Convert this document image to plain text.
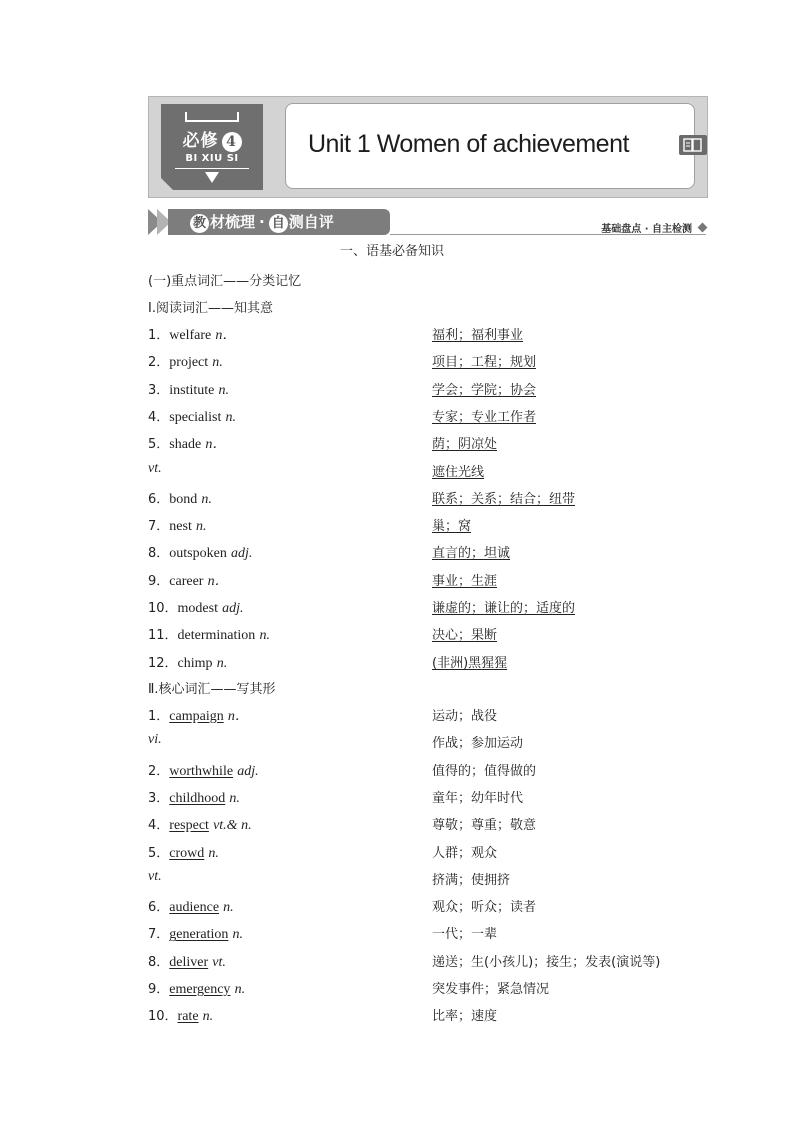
必修 4
BI XIU SI
Unit 1 Women of achievement
教 材梳理 · 自 测自评	基础盘点 · 自主检测
一、语基必备知识
(一)重点词汇——分类记忆
Ⅰ.阅读词汇——知其意
1．welfare n．	福利；福利事业
2．project n.	项目；工程；规划
3．institute n.	学会；学院；协会
4．specialist n.	专家；专业工作者
5．shade n．	荫；阴凉处
vt.	遮住光线
6．bond n.	联系；关系；结合；纽带
7．nest n.	巢；窝
8．outspoken adj.	直言的；坦诚
9．career n．	事业；生涯
10．modest adj.	谦虚的；谦让的；适度的
11．determination n.	决心；果断
12．chimp n.	(非洲)黑猩猩
Ⅱ.核心词汇——写其形
1．campaign n．	运动；战役
vi.	作战；参加运动
2．worthwhile adj.	值得的；值得做的
3．childhood n.	童年；幼年时代
4．respect vt.& n.	尊敬；尊重；敬意
5．crowd n.	人群；观众
vt.	挤满；使拥挤
6．audience n.	观众；听众；读者
7．generation n.	一代；一辈
8．deliver vt.	递送；生(小孩儿)；接生；发表(演说等)
9．emergency n.	突发事件；紧急情况
10．rate n.	比率；速度
